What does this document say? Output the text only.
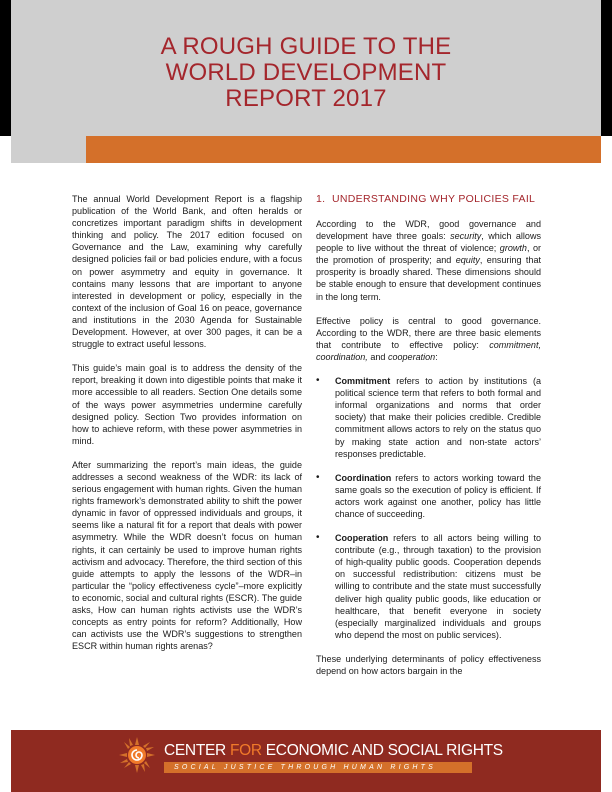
A ROUGH GUIDE TO THE
WORLD DEVELOPMENT
REPORT 2017

The annual World Development Report is a flagship publication of the World Bank, and often heralds or concretizes important paradigm shifts in development thinking and policy. The 2017 edition focused on Governance and the Law, examining why carefully designed policies fail or bad policies endure, with a focus on power asymmetry and equity in governance. It contains many lessons that are important to anyone interested in development or policy, especially in the context of the inclusion of Goal 16 on peace, governance and institutions in the 2030 Agenda for Sustainable Development. However, at over 300 pages, it can be a struggle to extract useful lessons.

This guide’s main goal is to address the density of the report, breaking it down into digestible points that make it more accessible to all readers. Section One details some of the ways power asymmetries undermine carefully designed policy. Section Two provides information on how to achieve reform, with these power asymmetries in mind.

After summarizing the report’s main ideas, the guide addresses a second weakness of the WDR: its lack of serious engagement with human rights. Given the human rights framework’s demonstrated ability to shift the power dynamic in favor of oppressed individuals and groups, it seems like a natural fit for a report that deals with power asymmetry. While the WDR doesn’t focus on human rights, it can certainly be used to improve human rights activism and advocacy. Therefore, the third section of this guide attempts to apply the lessons of the WDR–in particular the “policy effectiveness cycle”–more explicitly to economic, social and cultural rights (ESCR). The guide asks, How can human rights activists use the WDR’s concepts as entry points for reform? Additionally, How can activists use the WDR’s suggestions to strengthen ESCR within human rights arenas?

1. UNDERSTANDING WHY POLICIES FAIL

According to the WDR, good governance and development have three goals: security, which allows people to live without the threat of violence; growth, or the promotion of prosperity; and equity, ensuring that prosperity is broadly shared. These dimensions should be stable enough to ensure that development continues in the long term.

Effective policy is central to good governance. According to the WDR, there are three basic elements that contribute to effective policy: commitment, coordination, and cooperation:

• Commitment refers to action by institutions (a political science term that refers to both formal and informal organizations and norms that order society) that make their policies credible. Credible commitment allows actors to rely on the status quo by making state action and non-state actors’ responses predictable.
• Coordination refers to actors working toward the same goals so the execution of policy is efficient. If actors work against one another, policy has little chance of succeeding.
• Cooperation refers to all actors being willing to contribute (e.g., through taxation) to the provision of high-quality public goods. Cooperation depends on successful redistribution: citizens must be willing to contribute and the state must successfully deliver high quality public goods, like education or healthcare, that benefit everyone in society (especially marginalized individuals and groups who depend the most on public services).

These underlying determinants of policy effectiveness depend on how actors bargain in the

CENTER FOR ECONOMIC AND SOCIAL RIGHTS
SOCIAL JUSTICE THROUGH HUMAN RIGHTS
